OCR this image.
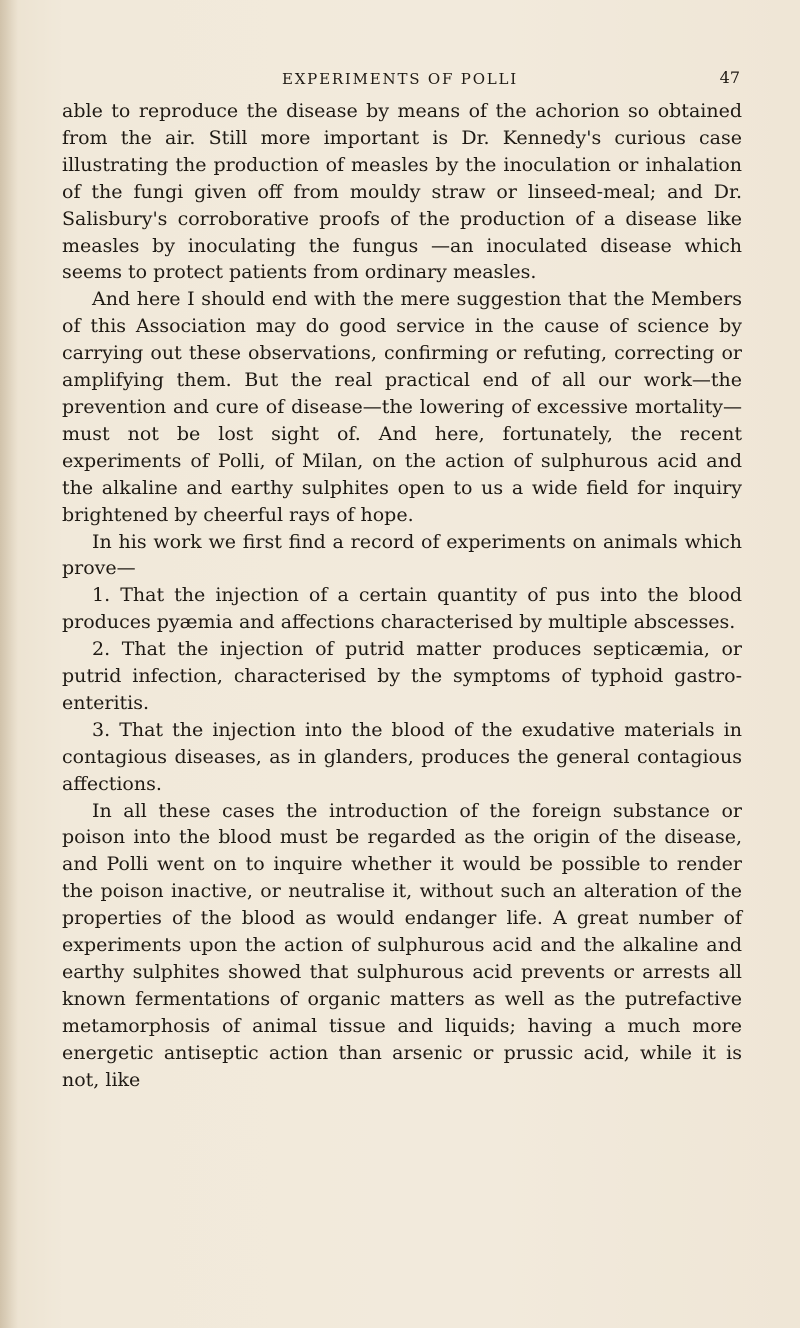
EXPERIMENTS OF POLLI	47

able to reproduce the disease by means of the achorion so obtained from the air. Still more important is Dr. Kennedy's curious case illustrating the production of measles by the inoculation or inhalation of the fungi given off from mouldy straw or linseed-meal; and Dr. Salisbury's corroborative proofs of the production of a disease like measles by inoculating the fungus —an inoculated disease which seems to protect patients from ordinary measles.

And here I should end with the mere suggestion that the Members of this Association may do good service in the cause of science by carrying out these observations, confirming or refuting, correcting or amplifying them. But the real practical end of all our work—the prevention and cure of disease—the lowering of excessive mortality—must not be lost sight of. And here, fortunately, the recent experiments of Polli, of Milan, on the action of sulphurous acid and the alkaline and earthy sulphites open to us a wide field for inquiry brightened by cheerful rays of hope.

In his work we first find a record of experiments on animals which prove—

1. That the injection of a certain quantity of pus into the blood produces pyæmia and affections characterised by multiple abscesses.

2. That the injection of putrid matter produces septicæmia, or putrid infection, characterised by the symptoms of typhoid gastro-enteritis.

3. That the injection into the blood of the exudative materials in contagious diseases, as in glanders, produces the general contagious affections.

In all these cases the introduction of the foreign substance or poison into the blood must be regarded as the origin of the disease, and Polli went on to inquire whether it would be possible to render the poison inactive, or neutralise it, without such an alteration of the properties of the blood as would endanger life. A great number of experiments upon the action of sulphurous acid and the alkaline and earthy sulphites showed that sulphurous acid prevents or arrests all known fermentations of organic matters as well as the putrefactive metamorphosis of animal tissue and liquids; having a much more energetic antiseptic action than arsenic or prussic acid, while it is not, like
